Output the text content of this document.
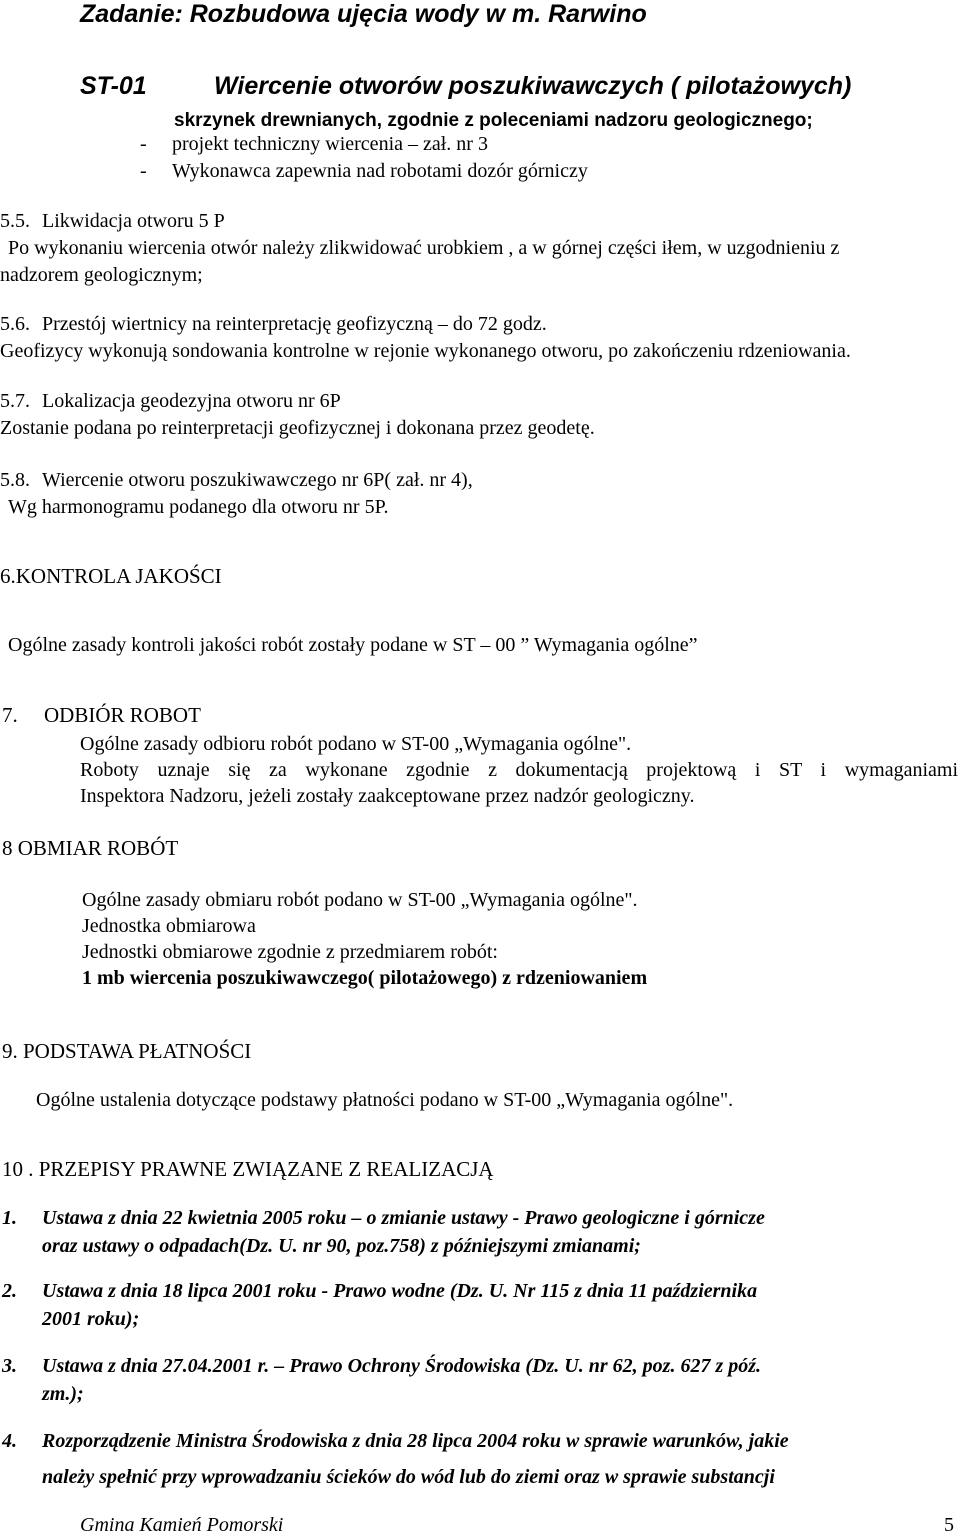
Zadanie: Rozbudowa ujęcia wody w m. Rarwino
ST-01	Wiercenie otworów poszukiwawczych ( pilotażowych)
skrzynek drewnianych, zgodnie z poleceniami nadzoru geologicznego;
- projekt techniczny wiercenia – zał. nr 3
- Wykonawca zapewnia nad robotami dozór górniczy
5.5. Likwidacja otworu 5 P
Po wykonaniu wiercenia otwór należy zlikwidować urobkiem , a w górnej części iłem, w uzgodnieniu z
nadzorem geologicznym;
5.6. Przestój wiertnicy na reinterpretację geofizyczną – do 72 godz.
Geofizycy wykonują sondowania kontrolne w rejonie wykonanego otworu, po zakończeniu rdzeniowania.
5.7. Lokalizacja geodezyjna otworu nr 6P
Zostanie podana po reinterpretacji geofizycznej i dokonana przez geodetę.
5.8. Wiercenie otworu poszukiwawczego nr 6P( zał. nr 4),
Wg harmonogramu podanego dla otworu nr 5P.
6.KONTROLA JAKOŚCI
Ogólne zasady kontroli jakości robót zostały podane w ST – 00 ” Wymagania ogólne”
7. ODBIÓR ROBOT
Ogólne zasady odbioru robót podano w ST-00 „Wymagania ogólne".
Roboty uznaje się za wykonane zgodnie z dokumentacją projektową i ST i wymaganiami
Inspektora Nadzoru, jeżeli zostały zaakceptowane przez nadzór geologiczny.
8 OBMIAR ROBÓT
Ogólne zasady obmiaru robót podano w ST-00 „Wymagania ogólne".
Jednostka obmiarowa
Jednostki obmiarowe zgodnie z przedmiarem robót:
1 mb wiercenia poszukiwawczego( pilotażowego) z rdzeniowaniem
9. PODSTAWA PŁATNOŚCI
Ogólne ustalenia dotyczące podstawy płatności podano w ST-00 „Wymagania ogólne".
10 . PRZEPISY PRAWNE ZWIĄZANE Z REALIZACJĄ
1. Ustawa z dnia 22 kwietnia 2005 roku – o zmianie ustawy - Prawo geologiczne i górnicze
oraz ustawy o odpadach(Dz. U. nr 90, poz.758) z późniejszymi zmianami;
2. Ustawa z dnia 18 lipca 2001 roku - Prawo wodne (Dz. U. Nr 115 z dnia 11 października
2001 roku);
3. Ustawa z dnia 27.04.2001 r. – Prawo Ochrony Środowiska (Dz. U. nr 62, poz. 627 z póź.
zm.);
4. Rozporządzenie Ministra Środowiska z dnia 28 lipca 2004 roku w sprawie warunków, jakie
należy spełnić przy wprowadzaniu ścieków do wód lub do ziemi oraz w sprawie substancji
Gmina Kamień Pomorski	5
